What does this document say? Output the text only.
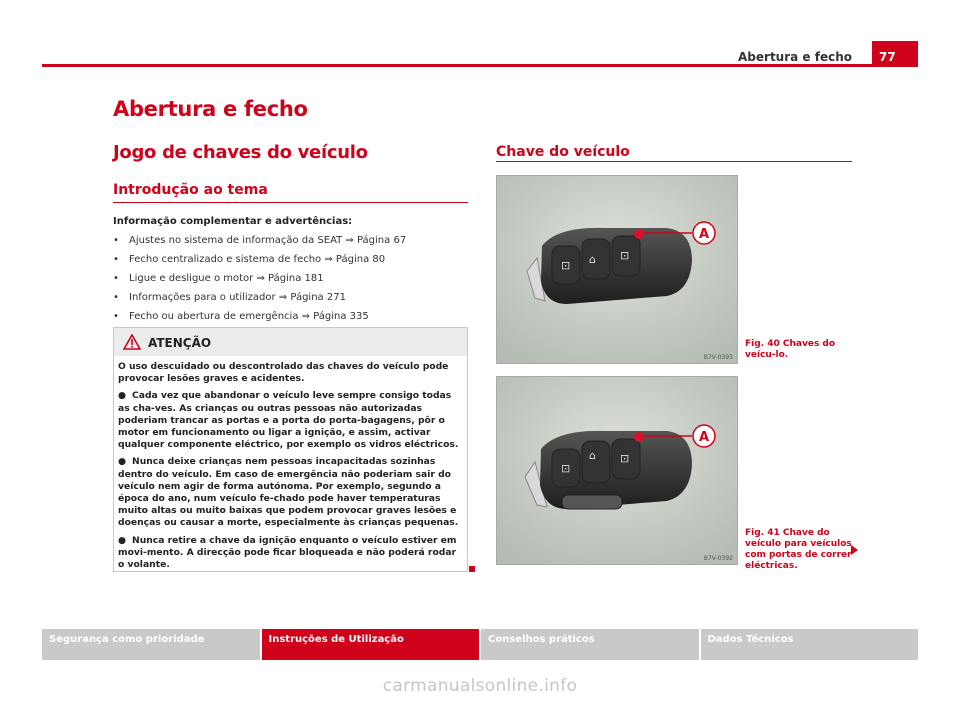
Abertura e fecho	77
Abertura e fecho
Jogo de chaves do veículo
Introdução ao tema
Informação complementar e advertências:
• Ajustes no sistema de informação da SEAT ⇒ Página 67
• Fecho centralizado e sistema de fecho ⇒ Página 80
• Ligue e desligue o motor ⇒ Página 181
• Informações para o utilizador ⇒ Página 271
• Fecho ou abertura de emergência ⇒ Página 335
ATENÇÃO

O uso descuidado ou descontrolado das chaves do veículo pode provocar lesões graves e acidentes.

● Cada vez que abandonar o veículo leve sempre consigo todas as cha-ves. As crianças ou outras pessoas não autorizadas poderiam trancar as portas e a porta do porta-bagagens, pôr o motor em funcionamento ou ligar a ignição, e assim, activar qualquer componente eléctrico, por exemplo os vidros eléctricos.

● Nunca deixe crianças nem pessoas incapacitadas sozinhas dentro do veículo. Em caso de emergência não poderiam sair do veículo nem agir de forma autónoma. Por exemplo, segundo a época do ano, num veículo fe-chado pode haver temperaturas muito altas ou muito baixas que podem provocar graves lesões e doenças ou causar a morte, especialmente às crianças pequenas.

● Nunca retire a chave da ignição enquanto o veículo estiver em movi-mento. A direcção pode ficar bloqueada e não poderá rodar o volante.

Chave do veículo
⊡ ⌂ ⊡
A
B7V-0393
Fig. 40 Chaves do veícu-lo.
⊡
⌂ ⊡
A
B7V-0392
Fig. 41 Chave do veículo para veículos com portas de correr eléctricas.
Segurança como prioridade	Instruções de Utilização	Conselhos práticos	Dados Técnicos
carmanualsonline.info
